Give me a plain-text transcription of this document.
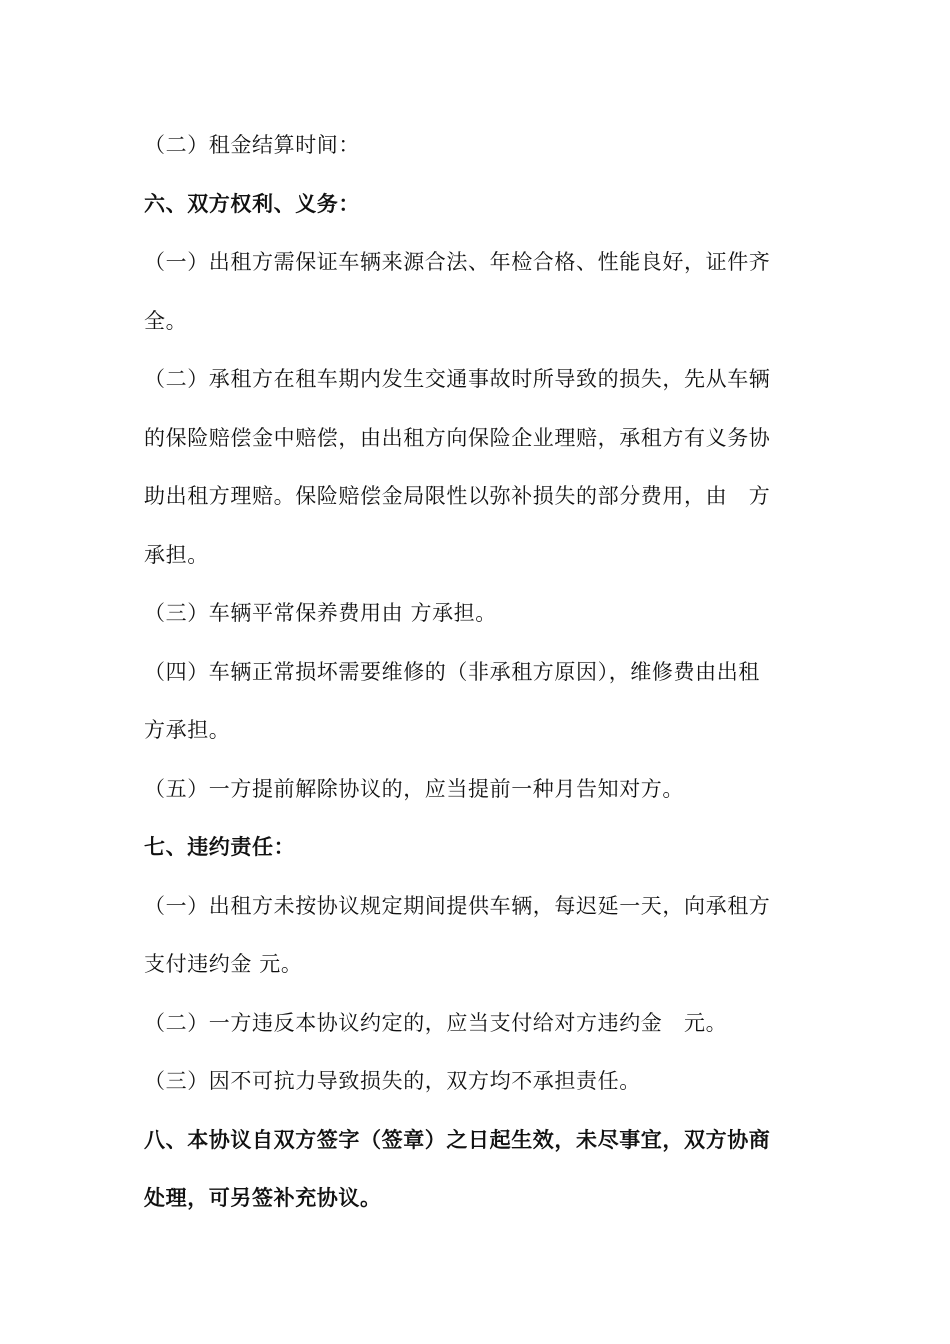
（二）租金结算时间：
六、双方权利、义务：
（一）出租方需保证车辆来源合法、年检合格、性能良好，证件齐
全。
（二）承租方在租车期内发生交通事故时所导致的损失，先从车辆
的保险赔偿金中赔偿，由出租方向保险企业理赔，承租方有义务协
助出租方理赔。保险赔偿金局限性以弥补损失的部分费用，由　方
承担。
（三）车辆平常保养费用由 方承担。
（四）车辆正常损坏需要维修的（非承租方原因），维修费由出租
方承担。
（五）一方提前解除协议的，应当提前一种月告知对方。
七、违约责任：
（一）出租方未按协议规定期间提供车辆，每迟延一天，向承租方
支付违约金 元。
（二）一方违反本协议约定的，应当支付给对方违约金　元。
（三）因不可抗力导致损失的，双方均不承担责任。
八、本协议自双方签字（签章）之日起生效，未尽事宜，双方协商
处理，可另签补充协议。
